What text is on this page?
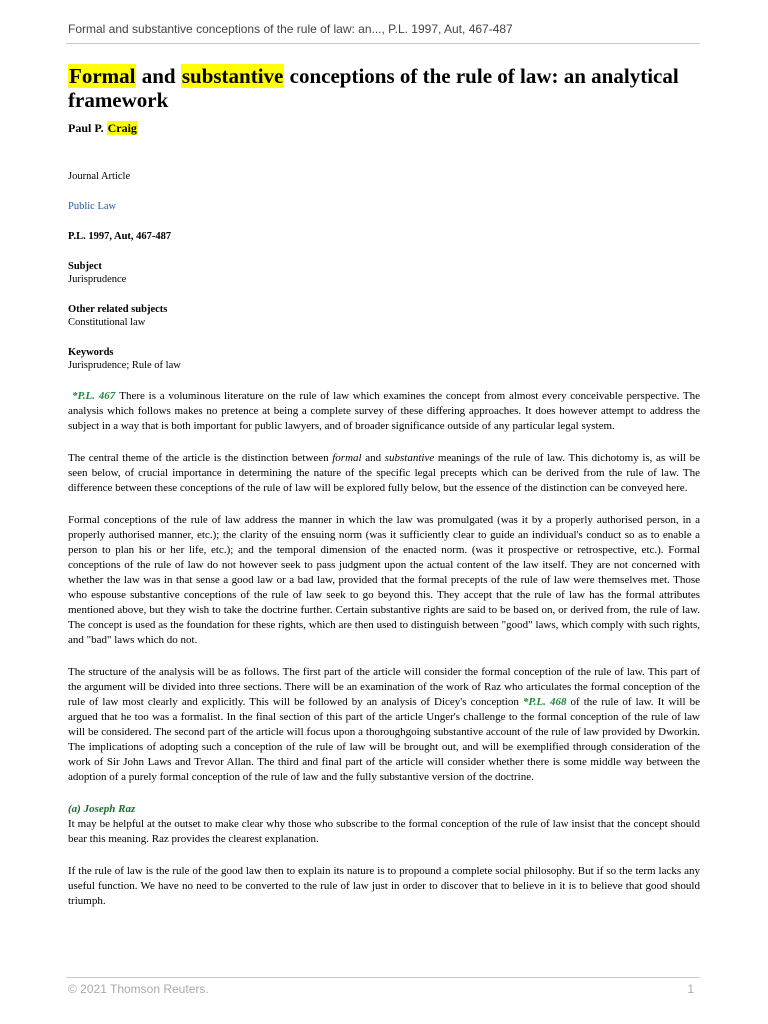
Formal and substantive conceptions of the rule of law: an..., P.L. 1997, Aut, 467-487
Formal and substantive conceptions of the rule of law: an analytical framework
Paul P. Craig
Journal Article
Public Law
P.L. 1997, Aut, 467-487
Subject
Jurisprudence
Other related subjects
Constitutional law
Keywords
Jurisprudence; Rule of law

*P.L. 467 There is a voluminous literature on the rule of law which examines the concept from almost every conceivable perspective. The analysis which follows makes no pretence at being a complete survey of these differing approaches. It does however attempt to address the subject in a way that is both important for public lawyers, and of broader significance outside of any particular legal system.

The central theme of the article is the distinction between formal and substantive meanings of the rule of law. This dichotomy is, as will be seen below, of crucial importance in determining the nature of the specific legal precepts which can be derived from the rule of law. The difference between these conceptions of the rule of law will be explored fully below, but the essence of the distinction can be conveyed here.

Formal conceptions of the rule of law address the manner in which the law was promulgated (was it by a properly authorised person, in a properly authorised manner, etc.); the clarity of the ensuing norm (was it sufficiently clear to guide an individual's conduct so as to enable a person to plan his or her life, etc.); and the temporal dimension of the enacted norm. (was it prospective or retrospective, etc.). Formal conceptions of the rule of law do not however seek to pass judgment upon the actual content of the law itself. They are not concerned with whether the law was in that sense a good law or a bad law, provided that the formal precepts of the rule of law were themselves met. Those who espouse substantive conceptions of the rule of law seek to go beyond this. They accept that the rule of law has the formal attributes mentioned above, but they wish to take the doctrine further. Certain substantive rights are said to be based on, or derived from, the rule of law. The concept is used as the foundation for these rights, which are then used to distinguish between "good" laws, which comply with such rights, and "bad" laws which do not.

The structure of the analysis will be as follows. The first part of the article will consider the formal conception of the rule of law. This part of the argument will be divided into three sections. There will be an examination of the work of Raz who articulates the formal conception of the rule of law most clearly and explicitly. This will be followed by an analysis of Dicey's conception *P.L. 468 of the rule of law. It will be argued that he too was a formalist. In the final section of this part of the article Unger's challenge to the formal conception of the rule of law will be considered. The second part of the article will focus upon a thoroughgoing substantive account of the rule of law provided by Dworkin. The implications of adopting such a conception of the rule of law will be brought out, and will be exemplified through consideration of the work of Sir John Laws and Trevor Allan. The third and final part of the article will consider whether there is some middle way between the adoption of a purely formal conception of the rule of law and the fully substantive version of the doctrine.

(a) Joseph Raz

It may be helpful at the outset to make clear why those who subscribe to the formal conception of the rule of law insist that the concept should bear this meaning. Raz provides the clearest explanation.

If the rule of law is the rule of the good law then to explain its nature is to propound a complete social philosophy. But if so the term lacks any useful function. We have no need to be converted to the rule of law just in order to discover that to believe in it is to believe that good should triumph.

© 2021 Thomson Reuters.	1
